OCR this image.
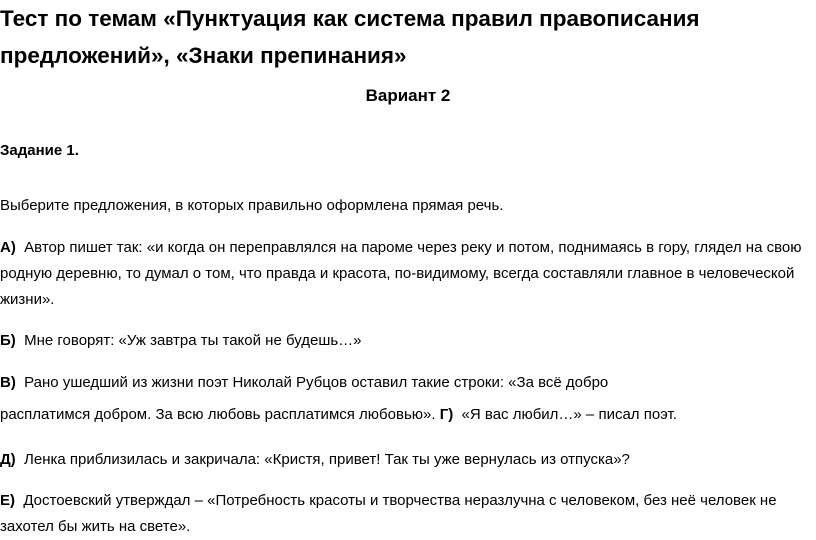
Тест по темам «Пунктуация как система правил правописания предложений», «Знаки препинания»
Вариант 2
Задание 1.
Выберите предложения, в которых правильно оформлена прямая речь.
А) Автор пишет так: «и когда он переправлялся на пароме через реку и потом, поднимаясь в гору, глядел на свою родную деревню, то думал о том, что правда и красота, по-видимому, всегда составляли главное в человеческой жизни».
Б) Мне говорят: «Уж завтра ты такой не будешь…»
В) Рано ушедший из жизни поэт Николай Рубцов оставил такие строки: «За всё добро
расплатимся добром. За всю любовь расплатимся любовью». Г) «Я вас любил…» – писал поэт.
Д) Ленка приблизилась и закричала: «Кристя, привет! Так ты уже вернулась из отпуска»?
Е) Достоевский утверждал – «Потребность красоты и творчества неразлучна с человеком, без неё человек не захотел бы жить на свете».
